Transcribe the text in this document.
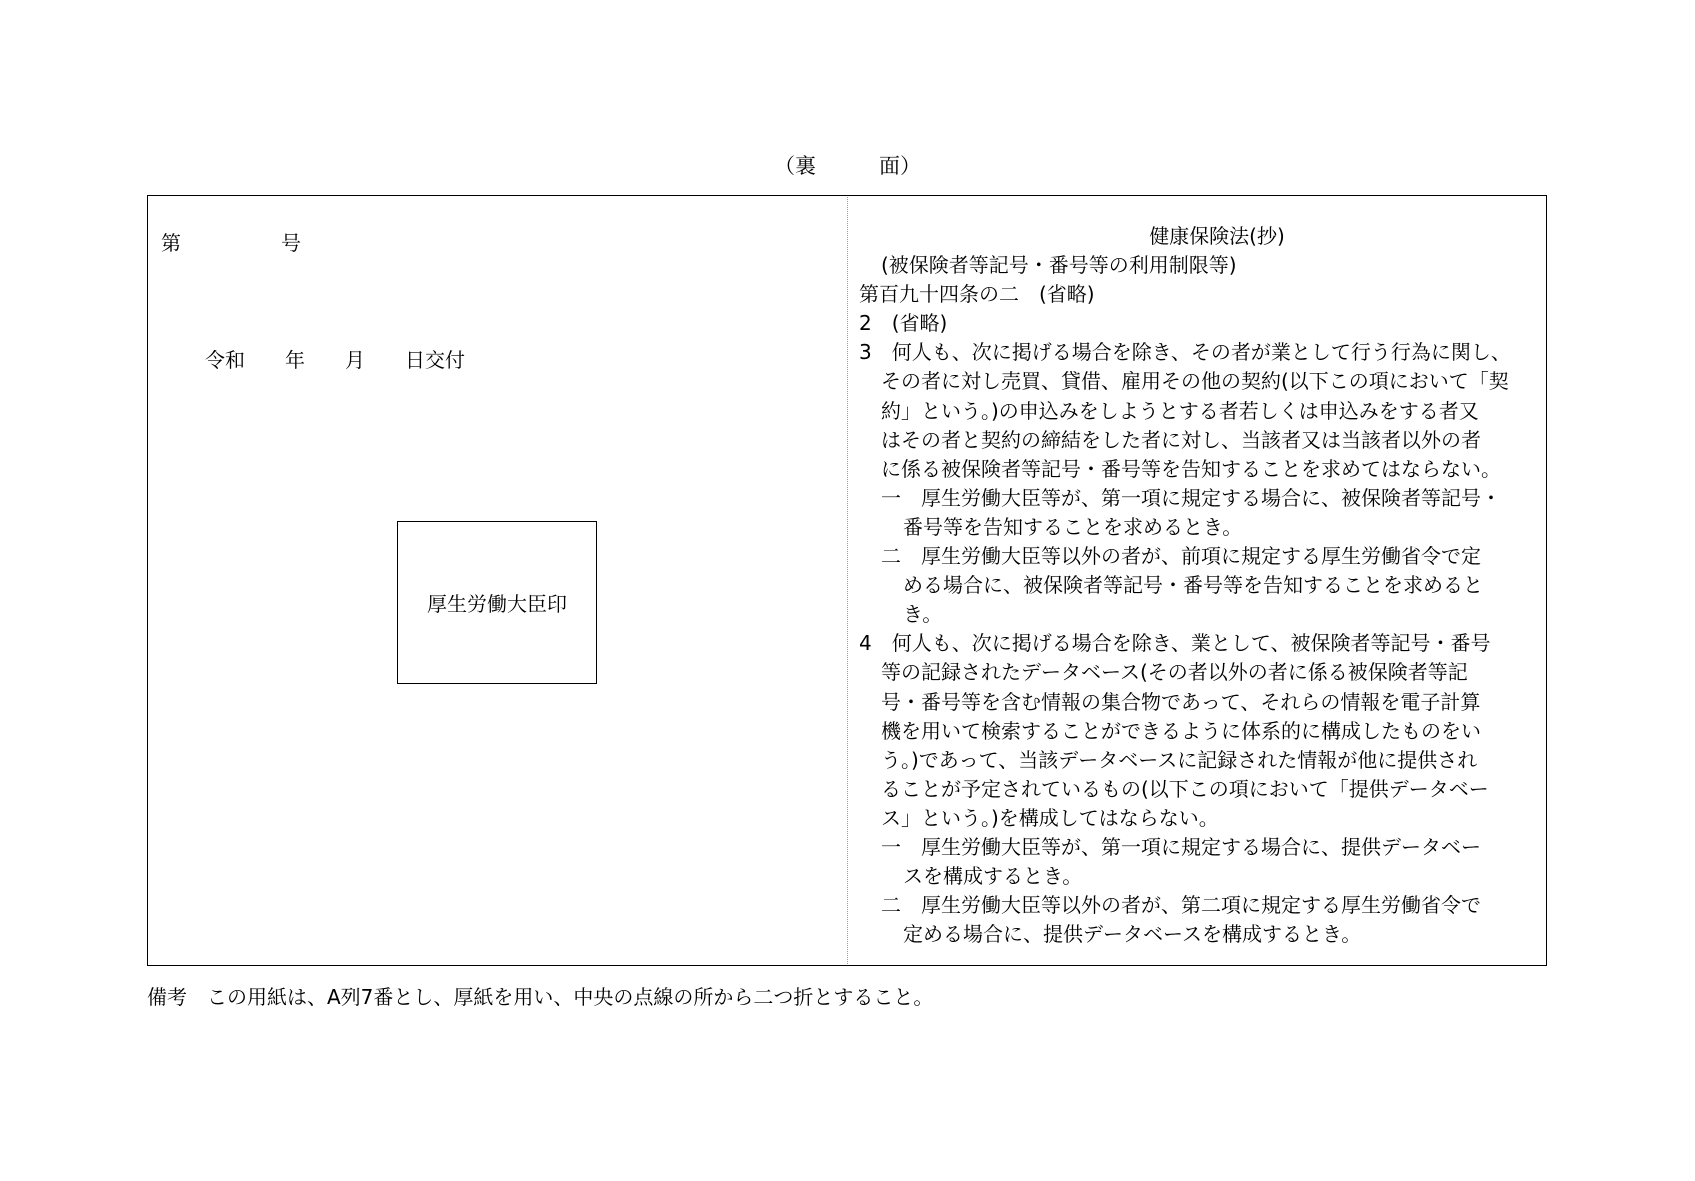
（裏　　　面）
第　　　　　号
令和　　年　　月　　日交付
厚生労働大臣印
健康保険法(抄)
(被保険者等記号・番号等の利用制限等)
第百九十四条の二　(省略)
2　(省略)
3　何人も、次に掲げる場合を除き、その者が業として行う行為に関し、
その者に対し売買、貸借、雇用その他の契約(以下この項において「契
約」という。)の申込みをしようとする者若しくは申込みをする者又
はその者と契約の締結をした者に対し、当該者又は当該者以外の者
に係る被保険者等記号・番号等を告知することを求めてはならない。
一　厚生労働大臣等が、第一項に規定する場合に、被保険者等記号・
番号等を告知することを求めるとき。
二　厚生労働大臣等以外の者が、前項に規定する厚生労働省令で定
める場合に、被保険者等記号・番号等を告知することを求めると
き。
4　何人も、次に掲げる場合を除き、業として、被保険者等記号・番号
等の記録されたデータベース(その者以外の者に係る被保険者等記
号・番号等を含む情報の集合物であって、それらの情報を電子計算
機を用いて検索することができるように体系的に構成したものをい
う。)であって、当該データベースに記録された情報が他に提供され
ることが予定されているもの(以下この項において「提供データベー
ス」という。)を構成してはならない。
一　厚生労働大臣等が、第一項に規定する場合に、提供データベー
スを構成するとき。
二　厚生労働大臣等以外の者が、第二項に規定する厚生労働省令で
定める場合に、提供データベースを構成するとき。
備考　この用紙は、A列7番とし、厚紙を用い、中央の点線の所から二つ折とすること。
